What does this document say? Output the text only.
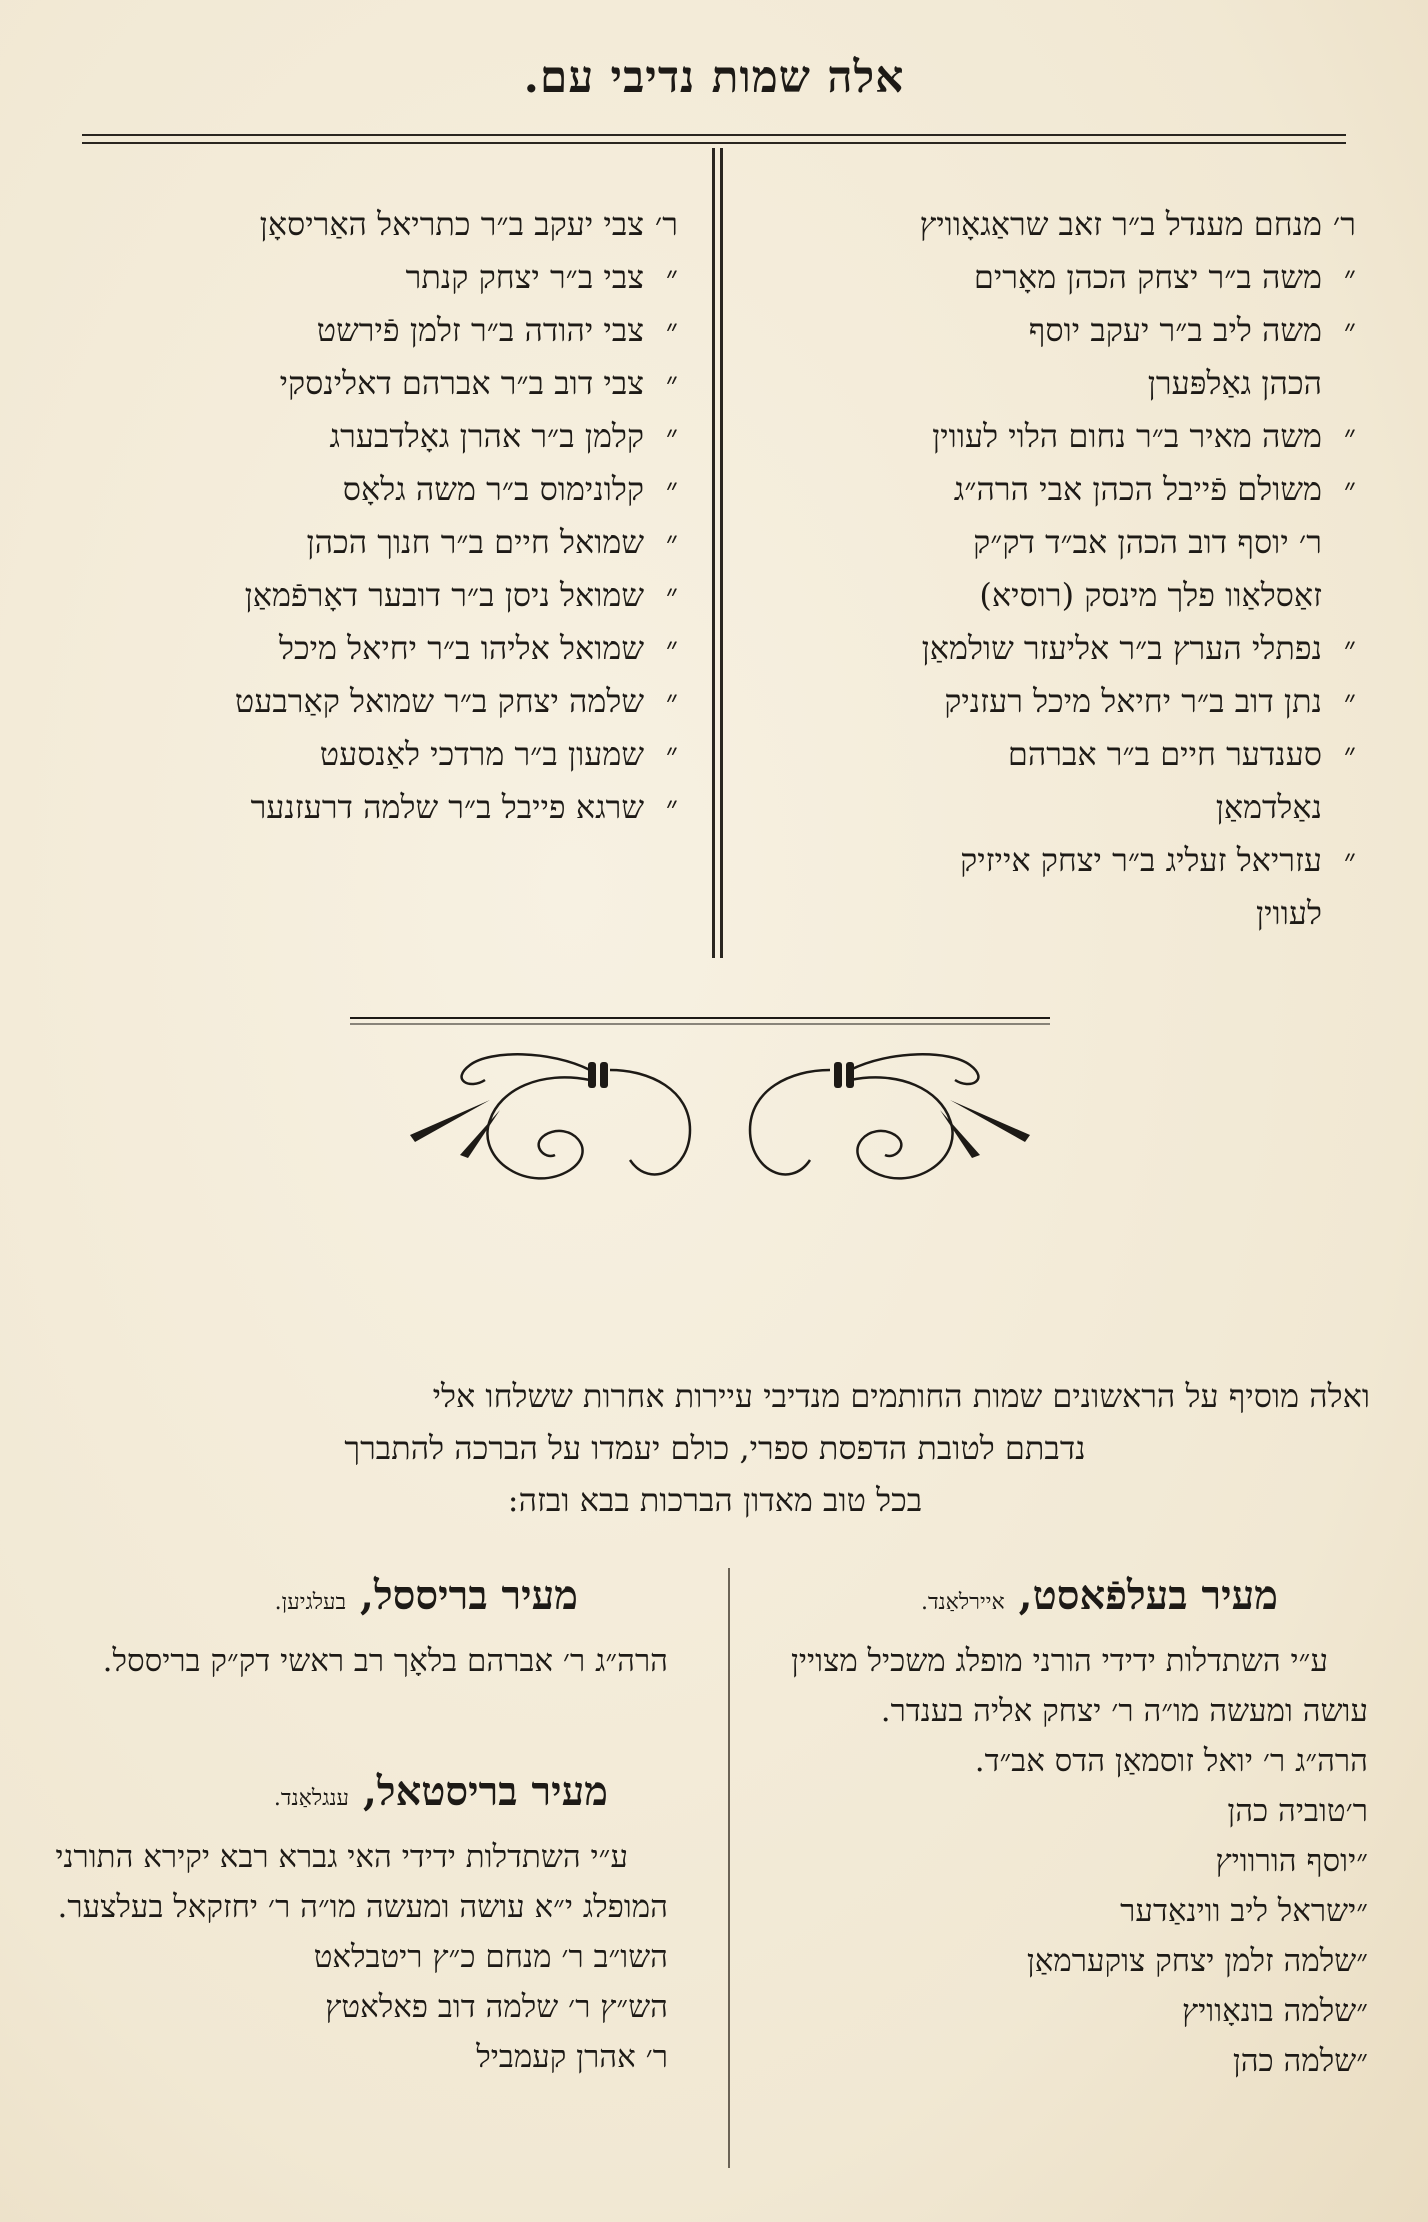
אלה שמות נדיבי עם.
ר׳מנחם מענדל ב״ר זאב שראַגאָוויץ
״משה ב״ר יצחק הכהן מאָרים
״משה ליב ב״ר יעקב יוסף
הכהן גאַלפּערן
״משה מאיר ב״ר נחום הלוי לעווין
״משולם פֿייבל הכהן אבי הרה״ג
ר׳ יוסף דוב הכהן אב״ד דק״ק
זאַסלאַוו פלך מינסק (רוסיא)
״נפתלי הערץ ב״ר אליעזר שולמאַן
״נתן דוב ב״ר יחיאל מיכל רעזניק
״סענדער חיים ב״ר אברהם
נאַלדמאַן
״עזריאל זעליג ב״ר יצחק אייזיק
לעווין
ר׳צבי יעקב ב״ר כתריאל האַריסאָן
״צבי ב״ר יצחק קנתר
״צבי יהודה ב״ר זלמן פֿירשט
״צבי דוב ב״ר אברהם דאלינסקי
״קלמן ב״ר אהרן גאָלדבערג
״קלונימוס ב״ר משה גלאָס
״שמואל חיים ב״ר חנוך הכהן
״שמואל ניסן ב״ר דובער דאָרפֿמאַן
״שמואל אליהו ב״ר יחיאל מיכל
״שלמה יצחק ב״ר שמואל קאַרבעט
״שמעון ב״ר מרדכי לאַנסעט
״שרגא פייבל ב״ר שלמה דרעזנער
ואלה מוסיף על הראשונים שמות החותמים מנדיבי עיירות אחרות ששלחו אלי
נדבתם לטובת הדפסת ספרי, כולם יעמדו על הברכה להתברך
בכל טוב מאדון הברכות בבא ובזה:
מעיר בעלפֿאסט, איירלאַנד.
ע״י השתדלות ידידי הורני מופלג משכיל מצויין עושה ומעשה מו״ה ר׳ יצחק אליה בענדר.
הרה״ג ר׳ יואל זוסמאַן הדס אב״ד.
ר׳טוביה כהן
״יוסף הורוויץ
״ישראל ליב ווינאַדער
״שלמה זלמן יצחק צוקערמאַן
״שלמה בונאָוויץ
״שלמה כהן
מעיר בריססל, בעלגיען.
הרה״ג ר׳ אברהם בלאָך רב ראשי דק״ק בריססל.
מעיר בריסטאל, ענגלאַנד.
ע״י השתדלות ידידי האי גברא רבא יקירא התורני המופלג י״א עושה ומעשה מו״ה ר׳ יחזקאל בעלצער.
השו״ב ר׳ מנחם כ״ץ ריטבלאט
הש״ץ ר׳ שלמה דוב פאלאטץ
ר׳ אהרן קעמביל
